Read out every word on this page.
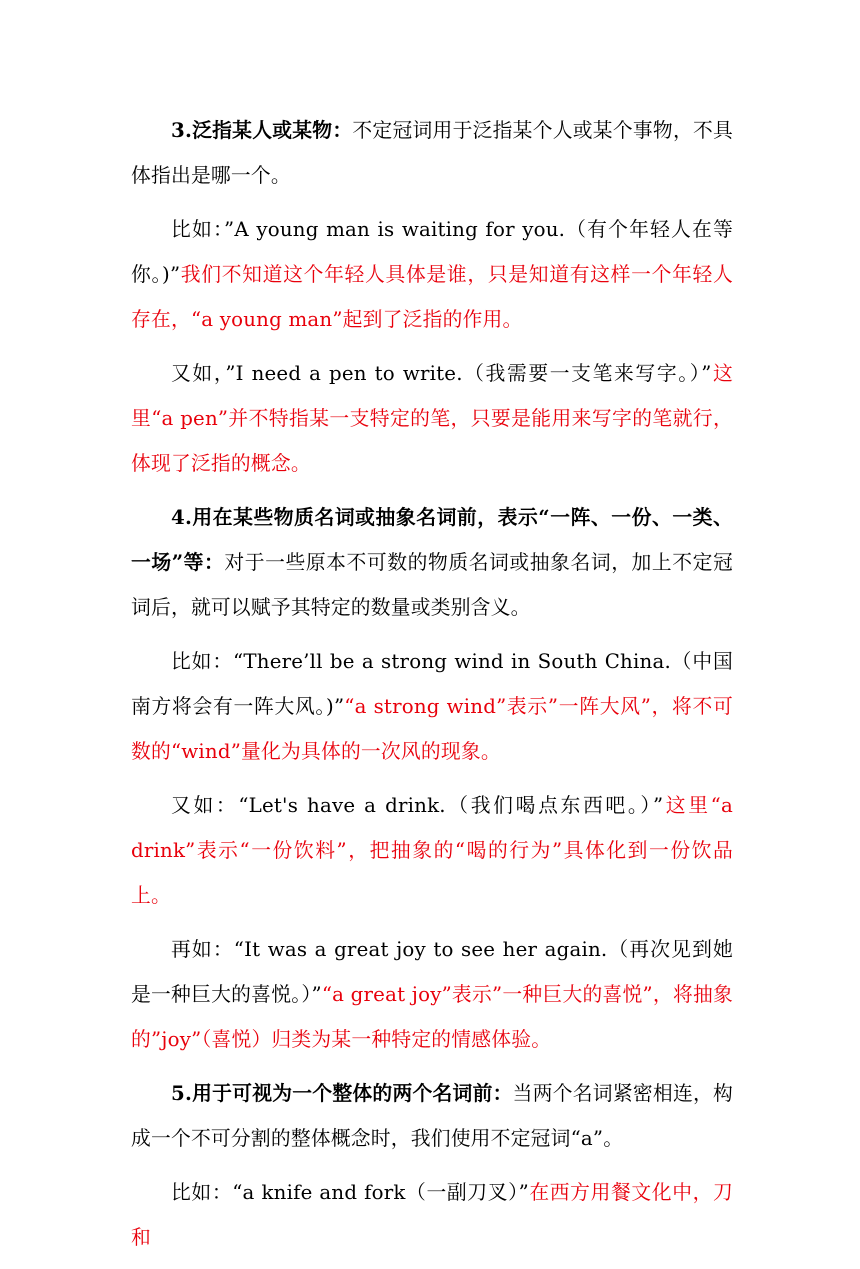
3.泛指某人或某物：不定冠词用于泛指某个人或某个事物，不具体指出是哪一个。

比如：”A young man is waiting for you.（有个年轻人在等你。)”我们不知道这个年轻人具体是谁，只是知道有这样一个年轻人存在，“a young man”起到了泛指的作用。

又如，”I need a pen to write.（我需要一支笔来写字。）”这里“a pen”并不特指某一支特定的笔，只要是能用来写字的笔就行，体现了泛指的概念。

4.用在某些物质名词或抽象名词前，表示“一阵、一份、一类、一场”等：对于一些原本不可数的物质名词或抽象名词，加上不定冠词后，就可以赋予其特定的数量或类别含义。

比如：“There’ll be a strong wind in South China.（中国南方将会有一阵大风。)”“a strong wind”表示”一阵大风”，将不可数的“wind”量化为具体的一次风的现象。

又如：“Let's have a drink.（我们喝点东西吧。）”这里“a drink”表示“一份饮料”，把抽象的“喝的行为”具体化到一份饮品上。

再如：“It was a great joy to see her again.（再次见到她是一种巨大的喜悦。）”“a great joy”表示”一种巨大的喜悦”，将抽象的”joy”（喜悦）归类为某一种特定的情感体验。

5.用于可视为一个整体的两个名词前：当两个名词紧密相连，构成一个不可分割的整体概念时，我们使用不定冠词“a”。

比如：“a knife and fork（一副刀叉）”在西方用餐文化中，刀和
